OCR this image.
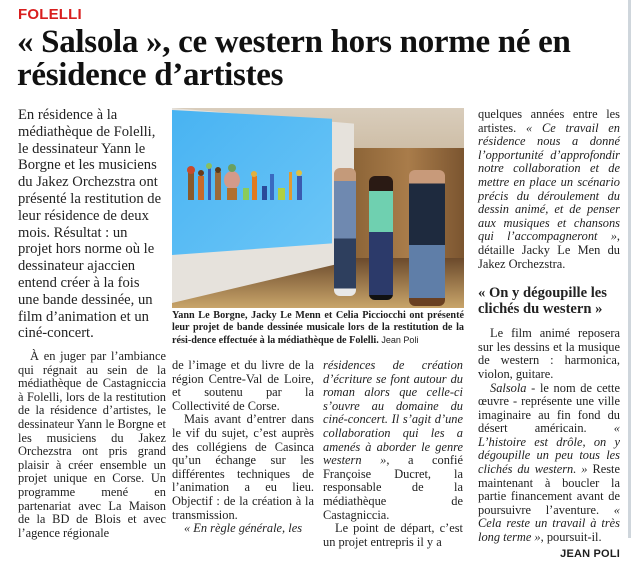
FOLELLI
« Salsola », ce western hors norme né en résidence d’artistes
En résidence à la médiathèque de Folelli, le dessinateur Yann le Borgne et les musiciens du Jakez Orchezstra ont présenté la restitution de leur résidence de deux mois. Résultat : un projet hors norme où le dessinateur ajaccien entend créer à la fois une bande dessinée, un film d’animation et un ciné-concert.
Yann Le Borgne, Jacky Le Menn et Celia Picciocchi ont présenté leur projet de bande dessinée musicale lors de la restitution de la rési-dence effectuée à la médiathèque de Folelli. Jean Poli

À en juger par l’ambiance qui régnait au sein de la médiathèque de Castagniccia à Folelli, lors de la restitution de la résidence d’artistes, le dessinateur Yann le Borgne et les musiciens du Jakez Orchezstra ont pris grand plaisir à créer ensemble un projet unique en Corse. Un programme mené en partenariat avec La Maison de la BD de Blois et avec l’agence régionale

de l’image et du livre de la région Centre-Val de Loire, et soutenu par la Collectivité de Corse.

Mais avant d’entrer dans le vif du sujet, c’est auprès des collégiens de Casinca qu’un échange sur les différentes techniques de l’animation a eu lieu. Objectif : de la création à la transmission.

« En règle générale, les

résidences de création d’écriture se font autour du roman alors que celle-ci s’ouvre au domaine du ciné-concert. Il s’agit d’une collaboration qui les a amenés à aborder le genre western », a confié Françoise Ducret, la responsable de la médiathèque de Castagniccia.

Le point de départ, c’est un projet entrepris il y a

quelques années entre les artistes. « Ce travail en résidence nous a donné l’opportunité d’approfondir notre collaboration et de mettre en place un scénario précis du déroulement du dessin animé, et de penser aux musiques et chansons qui l’accompagneront », détaille Jacky Le Men du Jakez Orchezstra.

« On y dégoupille les clichés du western »

Le film animé reposera sur les dessins et la musique de western : harmonica, violon, guitare.

Salsola - le nom de cette œuvre - représente une ville imaginaire au fin fond du désert américain. « L’histoire est drôle, on y dégoupille un peu tous les clichés du western. » Reste maintenant à boucler la partie financement avant de poursuivre l’aventure. « Cela reste un travail à très long terme », poursuit-il.

JEAN POLI
